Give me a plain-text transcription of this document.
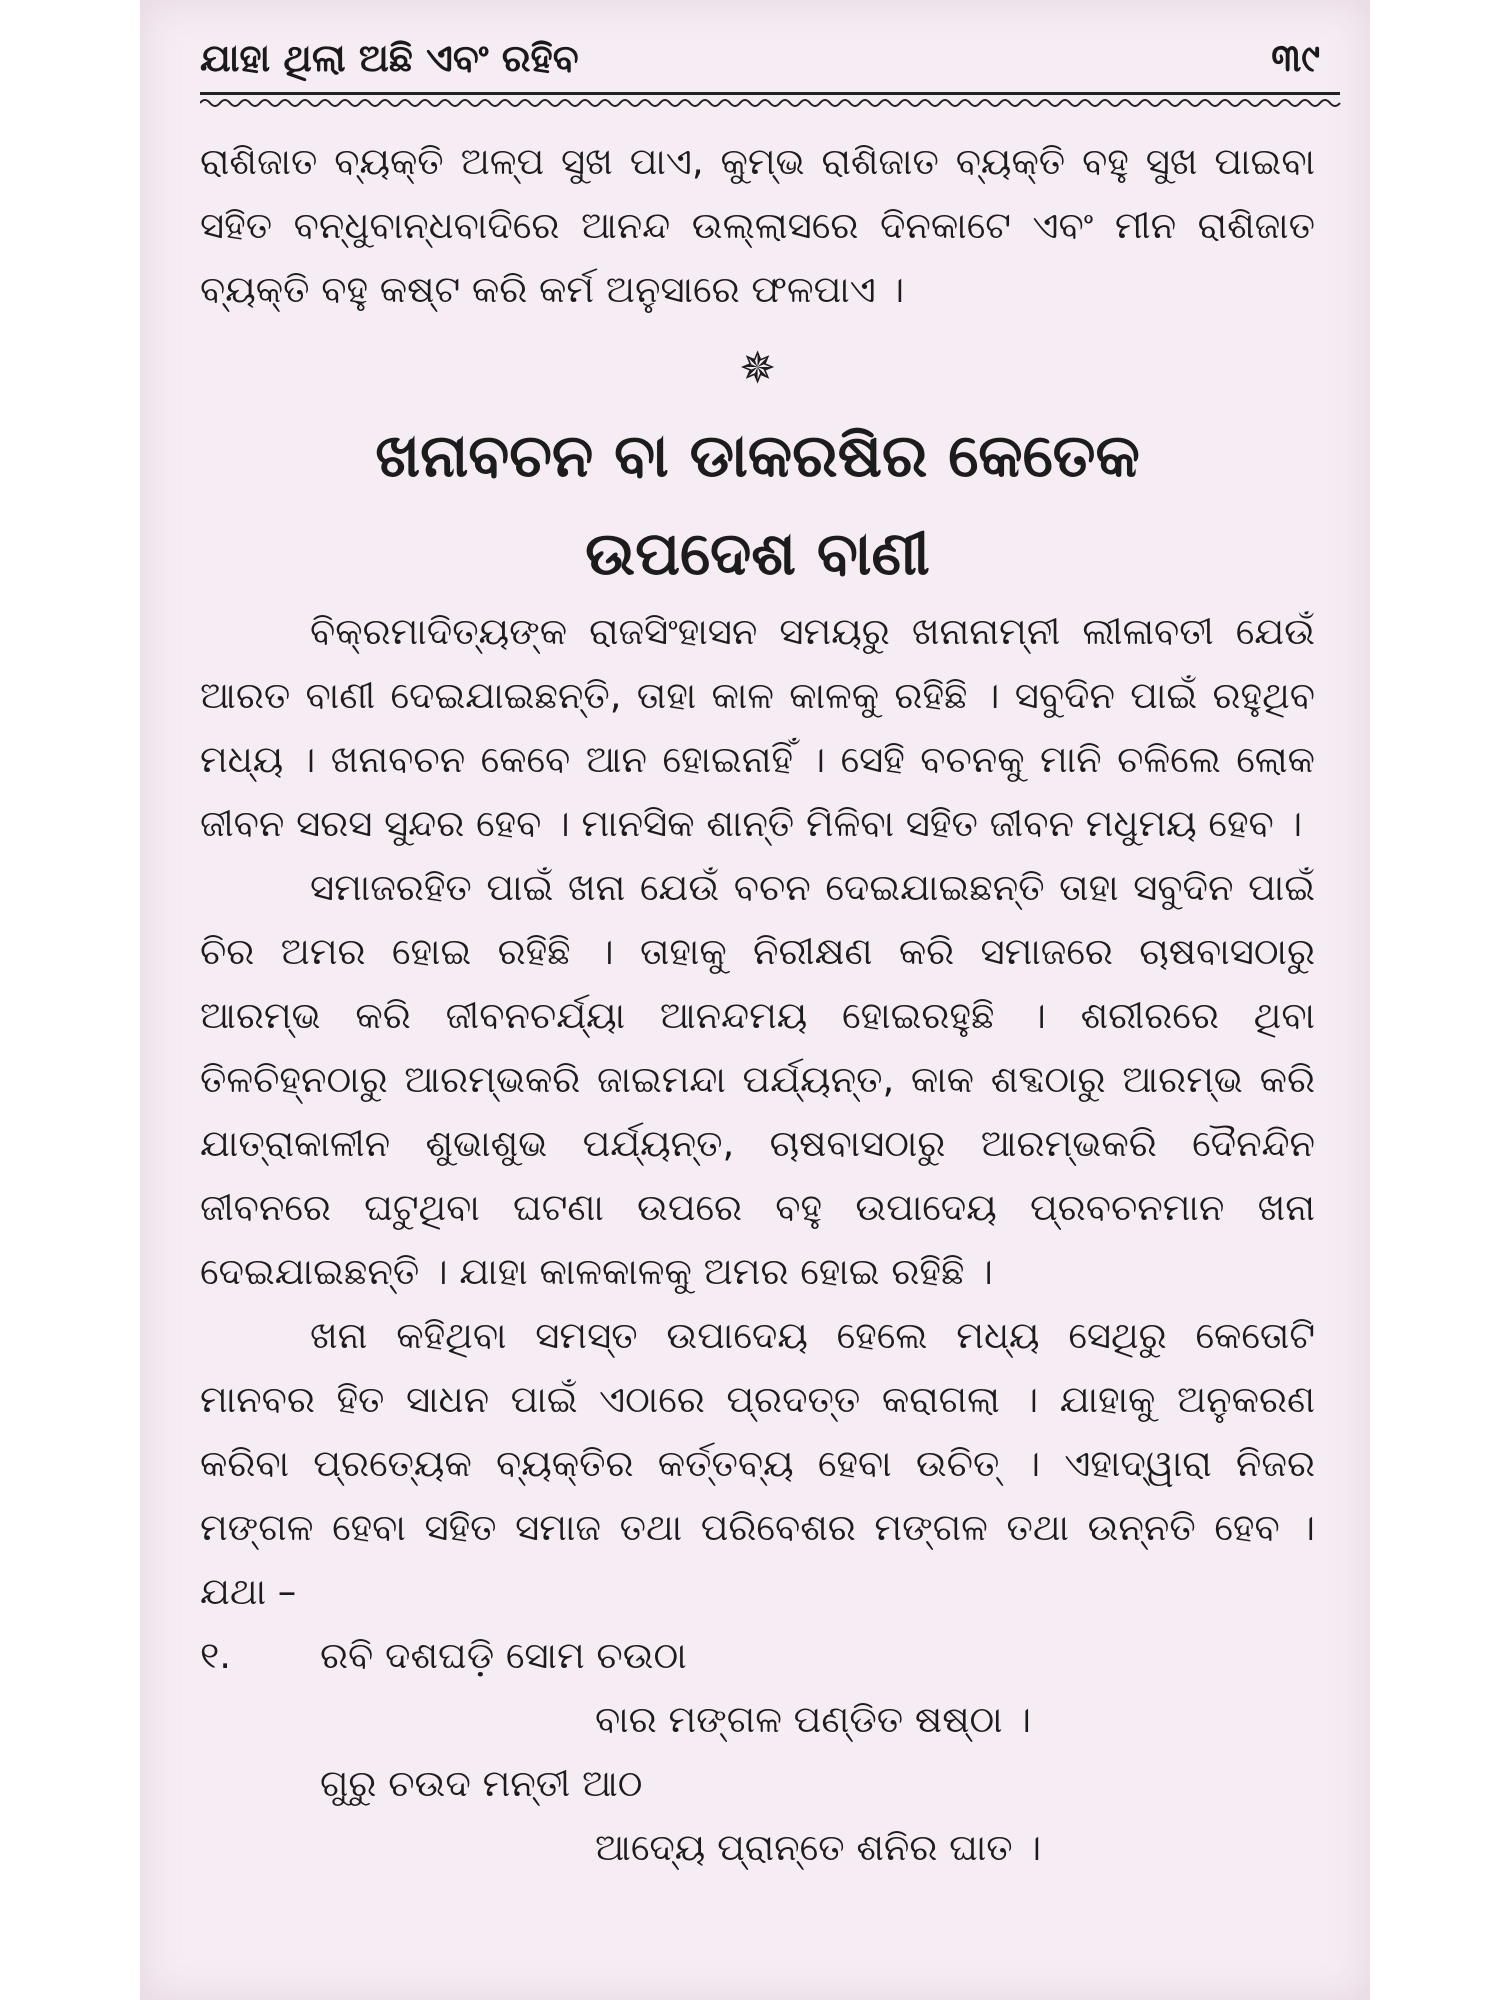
ଯାହା ଥିଲା ଅଛି ଏବଂ ରହିବ	୩୯

ରାଶିଜାତ ବ୍ୟକ୍ତି ଅଳ୍ପ ସୁଖ ପାଏ, କୁମ୍ଭ ରାଶିଜାତ ବ୍ୟକ୍ତି ବହୁ ସୁଖ ପାଇବା ସହିତ ବନ୍ଧୁବାନ୍ଧବାଦିରେ ଆନନ୍ଦ ଉଲ୍ଲାସରେ ଦିନକାଟେ ଏବଂ ମୀନ ରାଶିଜାତ ବ୍ୟକ୍ତି ବହୁ କଷ୍ଟ କରି କର୍ମ ଅନୁସାରେ ଫଳପାଏ ।

✵
ଖନାବଚନ ବା ଡାକରଷିର କେତେକ
ଉପଦେଶ ବାଣୀ

ବିକ୍ରମାଦିତ୍ୟଙ୍କ ରାଜସିଂହାସନ ସମୟରୁ ଖନାନାମ୍ନୀ ଲୀଳାବତୀ ଯେଉଁ ଆରତ ବାଣୀ ଦେଇଯାଇଛନ୍ତି, ତାହା କାଳ କାଳକୁ ରହିଛି । ସବୁଦିନ ପାଇଁ ରହୁଥିବ ମଧ୍ୟ । ଖନାବଚନ କେବେ ଆନ ହୋଇନାହିଁ । ସେହି ବଚନକୁ ମାନି ଚଳିଲେ ଲୋକ ଜୀବନ ସରସ ସୁନ୍ଦର ହେବ । ମାନସିକ ଶାନ୍ତି ମିଳିବା ସହିତ ଜୀବନ ମଧୁମୟ ହେବ ।

ସମାଜରହିତ ପାଇଁ ଖନା ଯେଉଁ ବଚନ ଦେଇଯାଇଛନ୍ତି ତାହା ସବୁଦିନ ପାଇଁ ଚିର ଅମର ହୋଇ ରହିଛି । ତାହାକୁ ନିରୀକ୍ଷଣ କରି ସମାଜରେ ଚାଷବାସଠାରୁ ଆରମ୍ଭ କରି ଜୀବନଚର୍ଯ୍ୟା ଆନନ୍ଦମୟ ହୋଇରହୁଛି । ଶରୀରରେ ଥିବା ତିଳଚିହ୍ନଠାରୁ ଆରମ୍ଭକରି ଜାଇମନ୍ଦା ପର୍ଯ୍ୟନ୍ତ, କାକ ଶବ୍ଦଠାରୁ ଆରମ୍ଭ କରି ଯାତ୍ରାକାଳୀନ ଶୁଭାଶୁଭ ପର୍ଯ୍ୟନ୍ତ, ଚାଷବାସଠାରୁ ଆରମ୍ଭକରି ଦୈନନ୍ଦିନ ଜୀବନରେ ଘଟୁଥିବା ଘଟଣା ଉପରେ ବହୁ ଉପାଦେୟ ପ୍ରବଚନମାନ ଖନା ଦେଇଯାଇଛନ୍ତି । ଯାହା କାଳକାଳକୁ ଅମର ହୋଇ ରହିଛି ।

ଖନା କହିଥିବା ସମସ୍ତ ଉପାଦେୟ ହେଲେ ମଧ୍ୟ ସେଥିରୁ କେତୋଟି ମାନବର ହିତ ସାଧନ ପାଇଁ ଏଠାରେ ପ୍ରଦତ୍ତ କରାଗଲା । ଯାହାକୁ ଅନୁକରଣ କରିବା ପ୍ରତ୍ୟେକ ବ୍ୟକ୍ତିର କର୍ତ୍ତବ୍ୟ ହେବା ଉଚିତ୍ । ଏହାଦ୍ୱାରା ନିଜର ମଙ୍ଗଳ ହେବା ସହିତ ସମାଜ ତଥା ପରିବେଶର ମଙ୍ଗଳ ତଥା ଉନ୍ନତି ହେବ । ଯଥା –

୧. ରବି ଦଶଘଡ଼ି ସୋମ ଚଉଠା
ବାର ମଙ୍ଗଳ ପଣ୍ଡିତ ଷଷ୍ଠା ।
ଗୁରୁ ଚଉଦ ମନ୍ତୀ ଆଠ
ଆଦ୍ୟେ ପ୍ରାନ୍ତେ ଶନିର ଘାତ ।
